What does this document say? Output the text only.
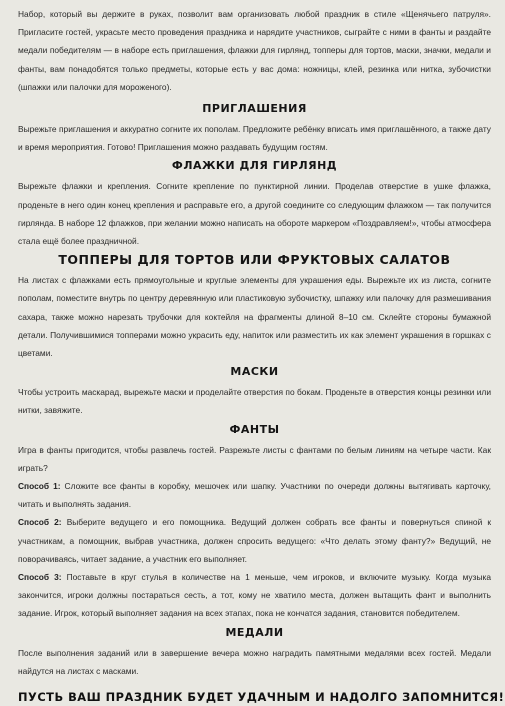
Набор, который вы держите в руках, позволит вам организовать любой праздник в стиле «Щенячьего патруля». Пригласите гостей, украсьте место проведения праздника и нарядите участников, сыграйте с ними в фанты и раздайте медали победителям — в наборе есть приглашения, флажки для гирлянд, топперы для тортов, маски, значки, медали и фанты, вам понадобятся только предметы, которые есть у вас дома: ножницы, клей, резинка или нитка, зубочистки (шпажки или палочки для мороженого).

ПРИГЛАШЕНИЯ

Вырежьте приглашения и аккуратно согните их пополам. Предложите ребёнку вписать имя приглашённого, а также дату и время мероприятия. Готово! Приглашения можно раздавать будущим гостям.

ФЛАЖКИ ДЛЯ ГИРЛЯНД

Вырежьте флажки и крепления. Согните крепление по пунктирной линии. Проделав отверстие в ушке флажка, проденьте в него один конец крепления и расправьте его, а другой соедините со следующим флажком — так получится гирлянда. В наборе 12 флажков, при желании можно написать на обороте маркером «Поздравляем!», чтобы атмосфера стала ещё более праздничной.

ТОППЕРЫ ДЛЯ ТОРТОВ ИЛИ ФРУКТОВЫХ САЛАТОВ

На листах с флажками есть прямоугольные и круглые элементы для украшения еды. Вырежьте их из листа, согните пополам, поместите внутрь по центру деревянную или пластиковую зубочистку, шпажку или палочку для размешивания сахара, также можно нарезать трубочки для коктейля на фрагменты длиной 8–10 см. Склейте стороны бумажной детали. Получившимися топперами можно украсить еду, напиток или разместить их как элемент украшения в горшках с цветами.

МАСКИ

Чтобы устроить маскарад, вырежьте маски и проделайте отверстия по бокам. Проденьте в отверстия концы резинки или нитки, завяжите.

ФАНТЫ

Игра в фанты пригодится, чтобы развлечь гостей. Разрежьте листы с фантами по белым линиям на четыре части. Как играть?

Способ 1: Сложите все фанты в коробку, мешочек или шапку. Участники по очереди должны вытягивать карточку, читать и выполнять задания.

Способ 2: Выберите ведущего и его помощника. Ведущий должен собрать все фанты и повернуться спиной к участникам, а помощник, выбрав участника, должен спросить ведущего: «Что делать этому фанту?» Ведущий, не поворачиваясь, читает задание, а участник его выполняет.

Способ 3: Поставьте в круг стулья в количестве на 1 меньше, чем игроков, и включите музыку. Когда музыка закончится, игроки должны постараться сесть, а тот, кому не хватило места, должен вытащить фант и выполнить задание. Игрок, который выполняет задания на всех этапах, пока не кончатся задания, становится победителем.

МЕДАЛИ

После выполнения заданий или в завершение вечера можно наградить памятными медалями всех гостей. Медали найдутся на листах с масками.

ПУСТЬ ВАШ ПРАЗДНИК БУДЕТ УДАЧНЫМ И НАДОЛГО ЗАПОМНИТСЯ!
